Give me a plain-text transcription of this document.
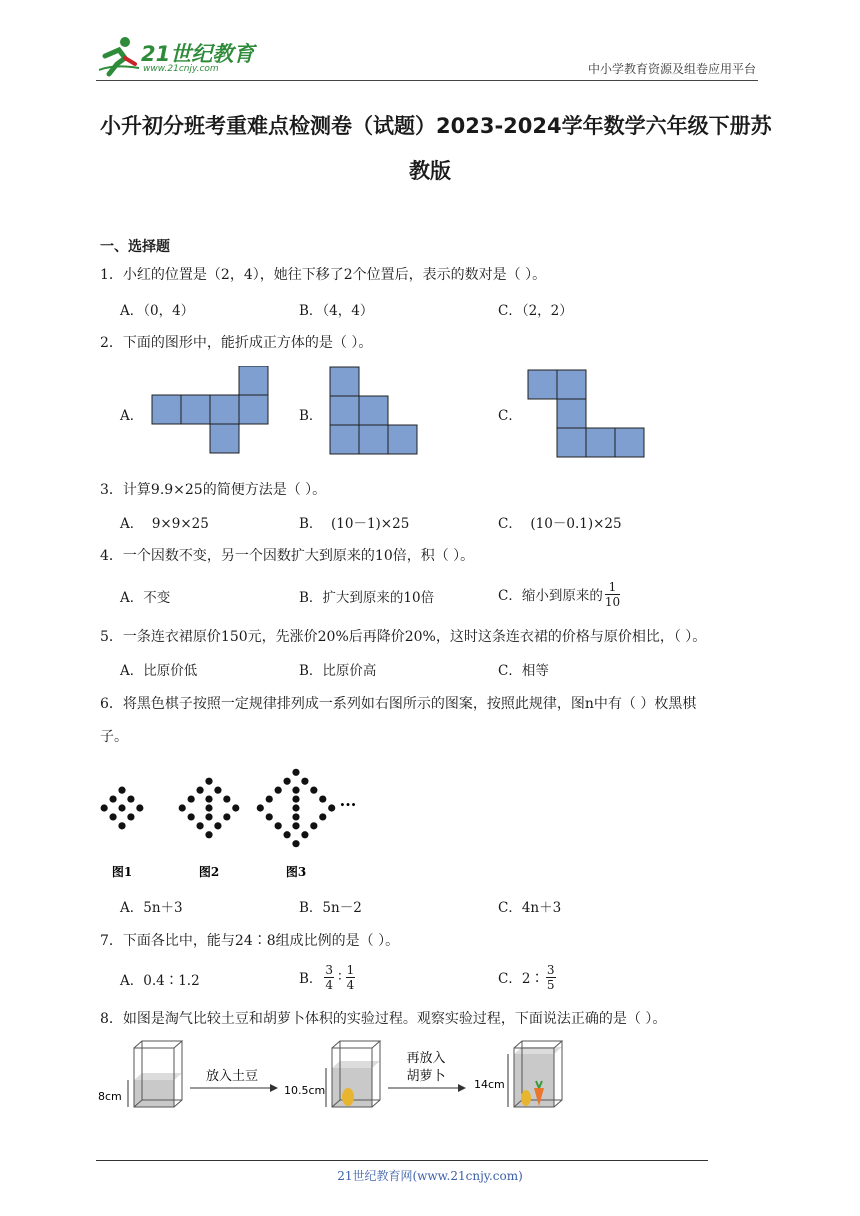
21世纪教育
www.21cnjy.com	中小学教育资源及组卷应用平台
小升初分班考重难点检测卷（试题）2023-2024学年数学六年级下册苏
教版
一、选择题
1．小红的位置是（2，4），她往下移了2个位置后，表示的数对是（ ）。
A．（0，4）	B．（4，4）	C．（2，2）
2．下面的图形中，能折成正方体的是（ ）。
A．	B．	C．
3．计算9.9×25的简便方法是（ ）。
A．  9×9×25	B．  (10－1)×25	C．  (10－0.1)×25
4．一个因数不变，另一个因数扩大到原来的10倍，积（ ）。
A．不变	B．扩大到原来的10倍	C．缩小到原来的 $\frac{1}{10}$
5．一条连衣裙原价150元，先涨价20%后再降价20%，这时这条连衣裙的价格与原价相比，（ ）。
A．比原价低	B．比原价高	C．相等
6．将黑色棋子按照一定规律排列成一系列如右图所示的图案，按照此规律，图n中有（ ）枚黑棋
子。
···
图1	图2	图3
A．5n＋3	B．5n－2	C．4n＋3
7．下面各比中，能与24∶8组成比例的是（ ）。
A．0.4∶1.2	B． $\frac{3}{4}$ ∶ $\frac{1}{4}$	C．2∶ $\frac{3}{5}$
8．如图是淘气比较土豆和胡萝卜体积的实验过程。观察实验过程，下面说法正确的是（ ）。
8cm
放入土豆
10.5cm
再放入
胡萝卜
14cm
21世纪教育网(www.21cnjy.com)
